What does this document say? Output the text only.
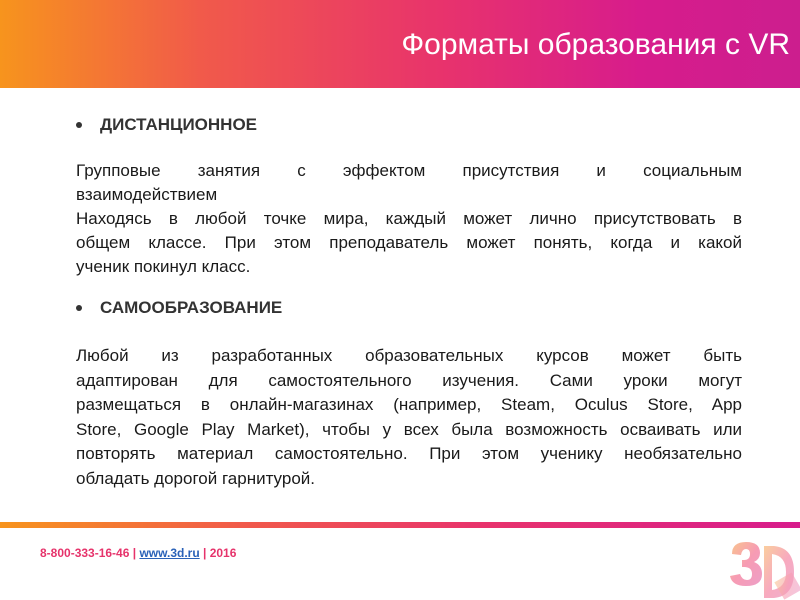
Форматы образования с VR
ДИСТАНЦИОННОЕ

Групповые занятия с эффектом присутствия и социальным

взаимодействием

Находясь в любой точке мира, каждый может лично присутствовать в

общем классе. При этом преподаватель может понять, когда и какой

ученик покинул класс.

САМООБРАЗОВАНИЕ

Любой из разработанных образовательных курсов может быть

адаптирован для самостоятельного изучения. Сами уроки могут

размещаться в онлайн-магазинах (например, Steam, Oculus Store, App

Store, Google Play Market), чтобы у всех была возможность осваивать или

повторять материал самостоятельно. При этом ученику необязательно

обладать дорогой гарнитурой.

8-800-333-16-46 | www.3d.ru | 2016
